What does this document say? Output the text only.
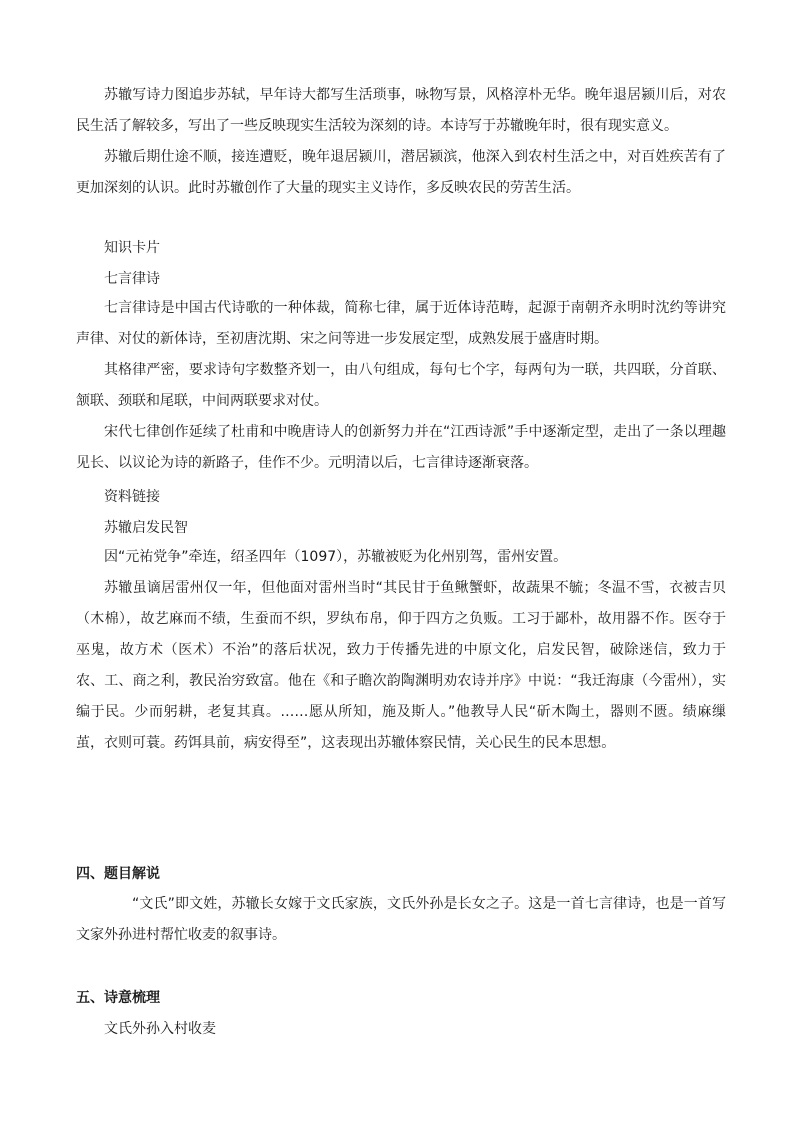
苏辙写诗力图追步苏轼，早年诗大都写生活琐事，咏物写景，风格淳朴无华。晚年退居颍川后，对农民生活了解较多，写出了一些反映现实生活较为深刻的诗。本诗写于苏辙晚年时，很有现实意义。

苏辙后期仕途不顺，接连遭贬，晚年退居颍川，潜居颍滨，他深入到农村生活之中，对百姓疾苦有了更加深刻的认识。此时苏辙创作了大量的现实主义诗作，多反映农民的劳苦生活。

知识卡片

七言律诗

七言律诗是中国古代诗歌的一种体裁，简称七律，属于近体诗范畴，起源于南朝齐永明时沈约等讲究声律、对仗的新体诗，至初唐沈期、宋之问等进一步发展定型，成熟发展于盛唐时期。

其格律严密，要求诗句字数整齐划一，由八句组成，每句七个字，每两句为一联，共四联，分首联、颔联、颈联和尾联，中间两联要求对仗。

宋代七律创作延续了杜甫和中晚唐诗人的创新努力并在“江西诗派”手中逐渐定型，走出了一条以理趣见长、以议论为诗的新路子，佳作不少。元明清以后，七言律诗逐渐衰落。

资料链接

苏辙启发民智

因“元祐党争”牵连，绍圣四年（1097），苏辙被贬为化州别驾，雷州安置。

苏辙虽谪居雷州仅一年，但他面对雷州当时“其民甘于鱼鳅蟹虾，故蔬果不毓；冬温不雪，衣被吉贝（木棉），故艺麻而不绩，生蚕而不织，罗纨布帛，仰于四方之负贩。工习于鄙朴，故用器不作。医夺于巫鬼，故方术（医术）不治”的落后状况，致力于传播先进的中原文化，启发民智，破除迷信，致力于农、工、商之利，教民治穷致富。他在《和子瞻次韵陶渊明劝农诗并序》中说：“我迁海康（今雷州），实编于民。少而躬耕，老复其真。……愿从所知，施及斯人。”他教导人民“斫木陶土，器则不匮。绩麻缫茧，衣则可蓑。药饵具前，病安得至”，这表现出苏辙体察民情，关心民生的民本思想。

四、题目解说

“文氏”即文姓，苏辙长女嫁于文氏家族，文氏外孙是长女之子。这是一首七言律诗，也是一首写文家外孙进村帮忙收麦的叙事诗。

五、诗意梳理

文氏外孙入村收麦
